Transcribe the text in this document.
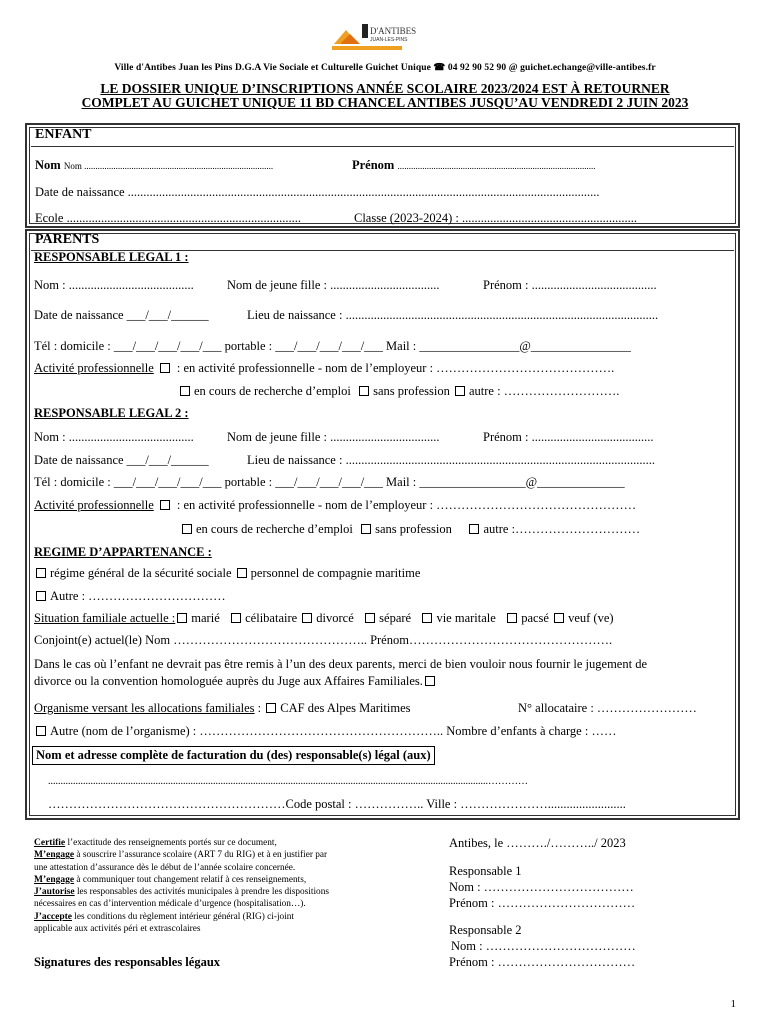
D'ANTIBES
JUAN-LES-PINS
Ville d'Antibes Juan les Pins D.G.A Vie Sociale et Culturelle Guichet Unique ☎ 04 92 90 52 90 @ guichet.echange@ville-antibes.fr
LE DOSSIER UNIQUE D’INSCRIPTIONS ANNÉE SCOLAIRE 2023/2024 EST À RETOURNER
COMPLET AU GUICHET UNIQUE 11 BD CHANCEL ANTIBES JUSQU’AU VENDREDI 2 JUIN 2023
ENFANT
Nom Nom ....................................................................................	Prénom ........................................................................................
Date de naissance .......................................................................................................................................................
Ecole ...........................................................................	Classe (2023-2024) : ........................................................
PARENTS
RESPONSABLE LEGAL 1 :
Nom : ........................................	Nom de jeune fille : ...................................	Prénom : ........................................
Date de naissance ___/___/______	Lieu de naissance : ....................................................................................................
Tél : domicile : ___/___/___/___/___ portable : ___/___/___/___/___ Mail : ________________@________________
Activité professionnelle : en activité professionnelle - nom de l’employeur : …………………………………….
en cours de recherche d’emploi sans profession autre : ……………………….
RESPONSABLE LEGAL 2 :
Nom : ........................................	Nom de jeune fille : ...................................	Prénom : .......................................
Date de naissance ___/___/______	Lieu de naissance : ...................................................................................................
Tél : domicile : ___/___/___/___/___ portable : ___/___/___/___/___ Mail : _________________@______________
Activité professionnelle : en activité professionnelle - nom de l’employeur : …………………………………………
en cours de recherche d’emploi sans profession	autre :…………………………
REGIME D’APPARTENANCE :
régime général de la sécurité sociale personnel de compagnie maritime
Autre : ……………………………
Situation familiale actuelle : marié célibataire divorcé séparé vie maritale pacsé veuf (ve)
Conjoint(e) actuel(le) Nom ……………………………………….. Prénom………………………………………….
Dans le cas où l’enfant ne devrait pas être remis à l’un des deux parents, merci de bien vouloir nous fournir le jugement de
divorce ou la convention homologuée auprès du Juge aux Affaires Familiales.
Organisme versant les allocations familiales : CAF des Alpes Maritimes	N° allocataire : ……………………
Autre (nom de l’organisme) : ………………………………………………….. Nombre d’enfants à charge : ……
Nom et adresse complète de facturation du (des) responsable(s) légal (aux)
................................................................................................................................................................................…………
…………………………………………………Code postal : …………….. Ville : ………………….........................
Certifie l’exactitude des renseignements portés sur ce document,
M’engage à souscrire l’assurance scolaire (ART 7 du RIG) et à en justifier par
une attestation d’assurance dès le début de l’année scolaire concernée.
M’engage à communiquer tout changement relatif à ces renseignements,
J’autorise les responsables des activités municipales à prendre les dispositions
nécessaires en cas d’intervention médicale d’urgence (hospitalisation…).
J’accepte les conditions du règlement intérieur général (RIG) ci-joint
applicable aux activités péri et extrascolaires
Signatures des responsables légaux
Antibes, le ………./………../ 2023
Responsable 1
Nom : ………………………………
Prénom : ……………………………
Responsable 2
Nom : ………………………………
Prénom : ……………………………
1
